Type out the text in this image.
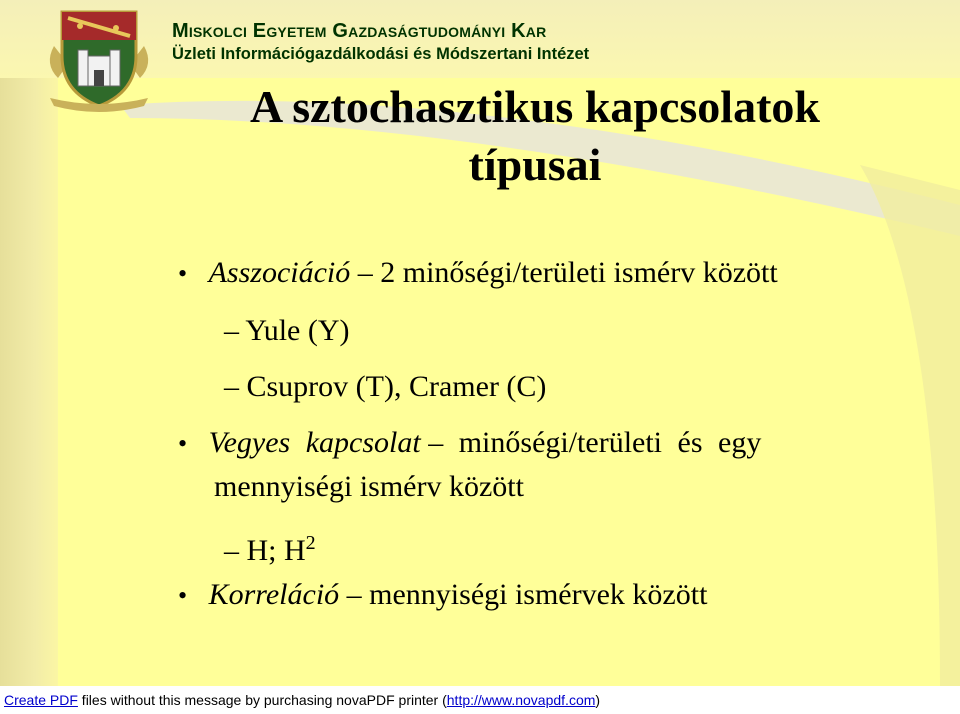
Miskolci Egyetem Gazdaságtudományi Kar
Üzleti Információgazdálkodási és Módszertani Intézet
A sztochasztikus kapcsolatok
típusai
• Asszociáció – 2 minőségi/területi ismérv között
– Yule (Y)
– Csuprov (T), Cramer (C)
• Vegyes kapcsolat – minőségi/területi és egy
mennyiségi ismérv között
– H; $H^2$
• Korreláció – mennyiségi ismérvek között
Create PDF files without this message by purchasing novaPDF printer (http://www.novapdf.com)
